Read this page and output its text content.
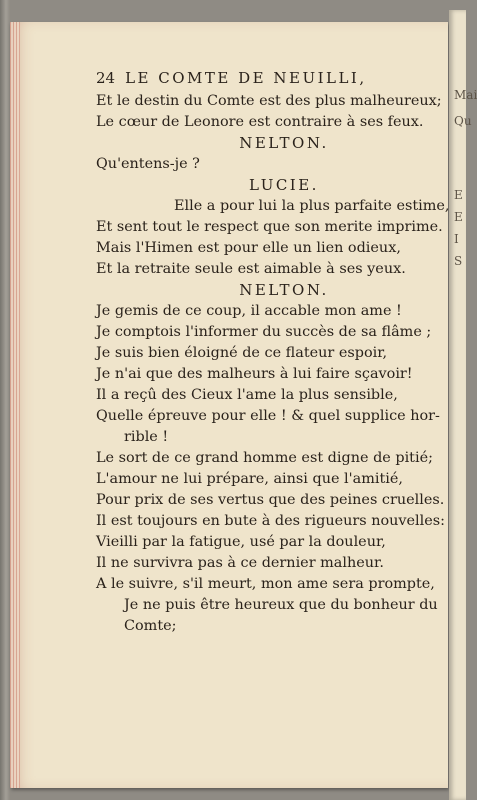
Mai
Qu
E
E
I
S
24 LE COMTE DE NEUILLI,
Et le destin du Comte est des plus malheureux;
Le cœur de Leonore est contraire à ses feux.
NELTON.
Qu'entens-je ?
LUCIE.
Elle a pour lui la plus parfaite estime,
Et sent tout le respect que son merite imprime.
Mais l'Himen est pour elle un lien odieux,
Et la retraite seule est aimable à ses yeux.
NELTON.
Je gemis de ce coup, il accable mon ame !
Je comptois l'informer du succès de sa flâme ;
Je suis bien éloigné de ce flateur espoir,
Je n'ai que des malheurs à lui faire sçavoir!
Il a reçû des Cieux l'ame la plus sensible,
Quelle épreuve pour elle ! & quel supplice hor-
rible !
Le sort de ce grand homme est digne de pitié;
L'amour ne lui prépare, ainsi que l'amitié,
Pour prix de ses vertus que des peines cruelles.
Il est toujours en bute à des rigueurs nouvelles:
Vieilli par la fatigue, usé par la douleur,
Il ne survivra pas à ce dernier malheur.
A le suivre, s'il meurt, mon ame sera prompte,
Je ne puis être heureux que du bonheur du
Comte;
